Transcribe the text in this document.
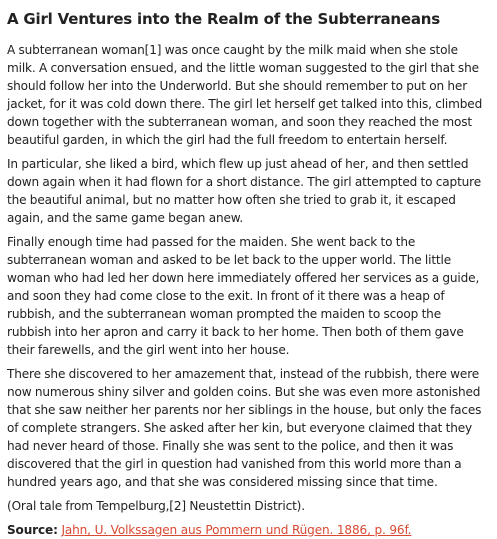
A Girl Ventures into the Realm of the Subterraneans

A subterranean woman[1] was once caught by the milk maid when she stole milk. A conversation ensued, and the little woman suggested to the girl that she should follow her into the Underworld. But she should remember to put on her jacket, for it was cold down there. The girl let herself get talked into this, climbed down together with the subterranean woman, and soon they reached the most beautiful garden, in which the girl had the full freedom to entertain herself.

In particular, she liked a bird, which flew up just ahead of her, and then settled down again when it had flown for a short distance. The girl attempted to capture the beautiful animal, but no matter how often she tried to grab it, it escaped again, and the same game began anew.

Finally enough time had passed for the maiden. She went back to the subterranean woman and asked to be let back to the upper world. The little woman who had led her down here immediately offered her services as a guide, and soon they had come close to the exit. In front of it there was a heap of rubbish, and the subterranean woman prompted the maiden to scoop the rubbish into her apron and carry it back to her home. Then both of them gave their farewells, and the girl went into her house.

There she discovered to her amazement that, instead of the rubbish, there were now numerous shiny silver and golden coins. But she was even more astonished that she saw neither her parents nor her siblings in the house, but only the faces of complete strangers. She asked after her kin, but everyone claimed that they had never heard of those. Finally she was sent to the police, and then it was discovered that the girl in question had vanished from this world more than a hundred years ago, and that she was considered missing since that time.

(Oral tale from Tempelburg,[2] Neustettin District).

Source: Jahn, U. Volkssagen aus Pommern und Rügen. 1886, p. 96f.
